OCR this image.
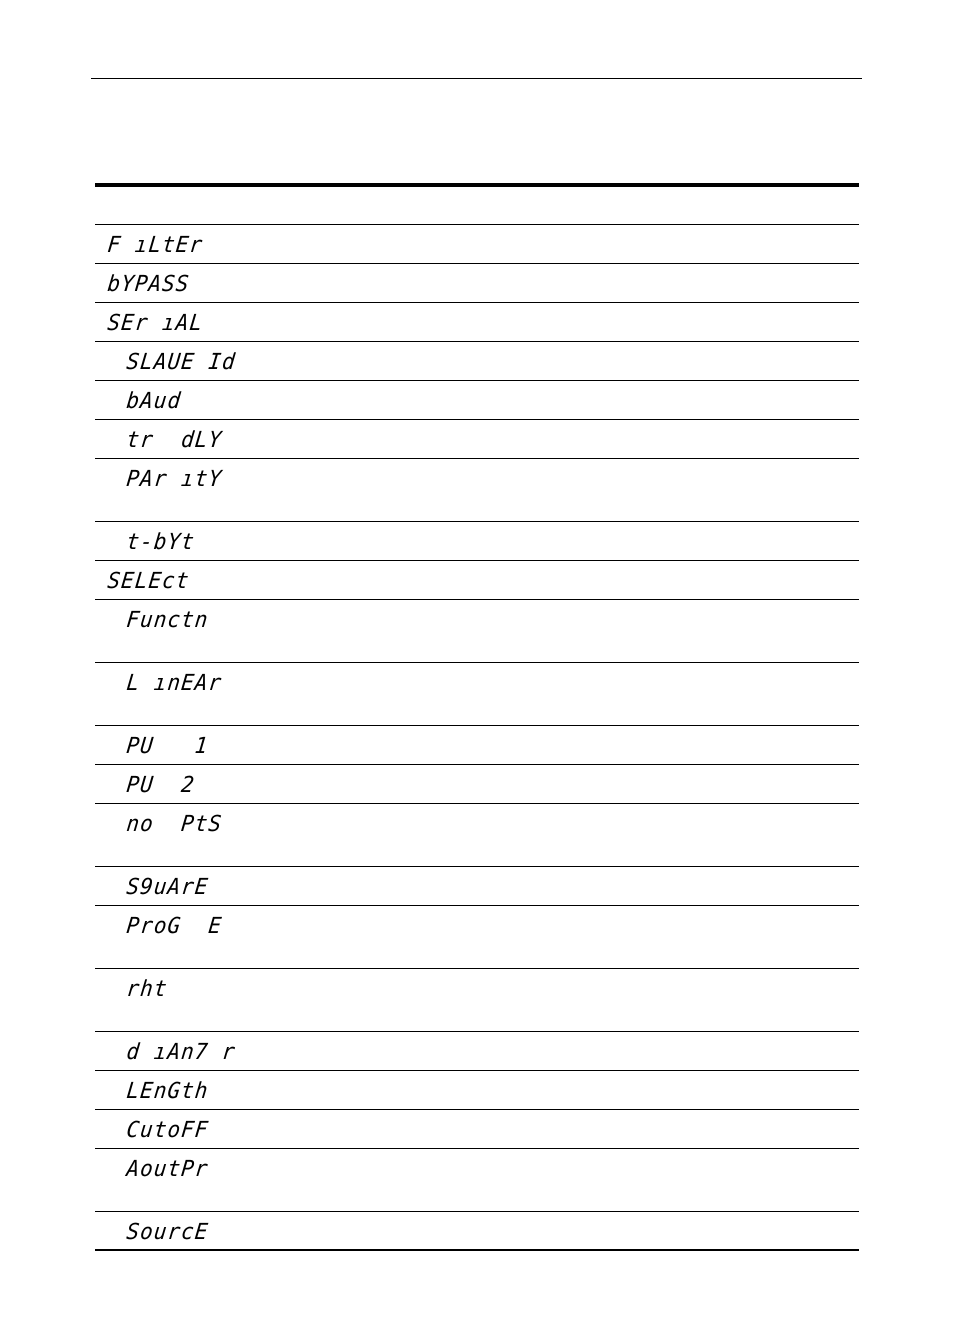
F ıLtEr
bYPASS
SEr ıAL
SLAUE Id
bAud
tr  dLY
PAr ıtY
t-bYt
SELEct
Functn
L ınEAr
PU   1
PU  2
no  PtS
S9uArE
ProG  E
rht
d ıAn7 r
LEnGth
CutoFF
AoutPr
SourcE
